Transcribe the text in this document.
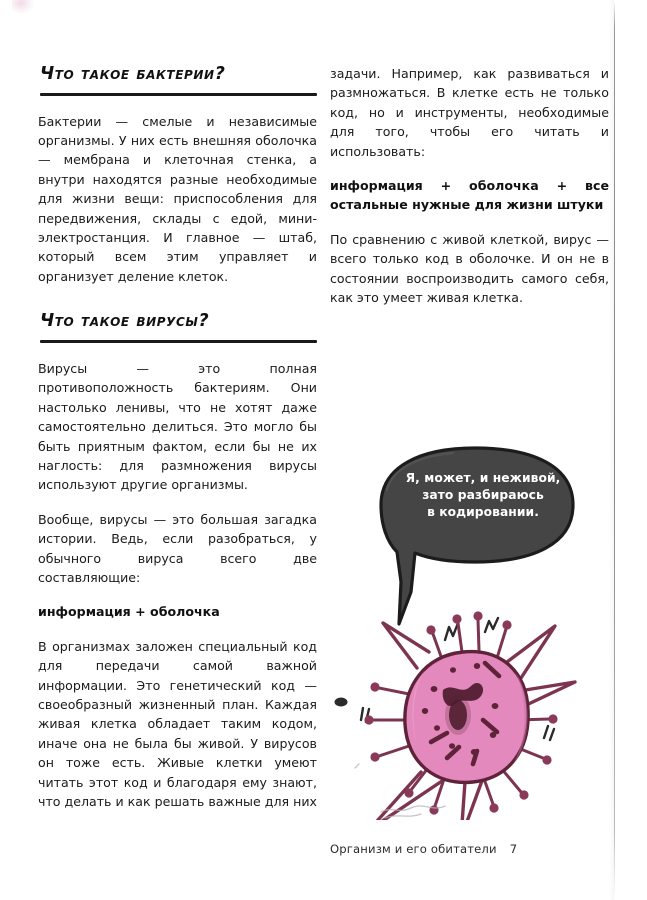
Что такое бактерии?

Бактерии — смелые и независимые организмы. У них есть внешняя оболочка — мембрана и клеточная стенка, а внутри находятся разные необходимые для жизни вещи: приспособления для передвижения, склады с едой, мини-электростанция. И главное — штаб, который всем этим управляет и организует деление клеток.

Что такое вирусы?

Вирусы — это полная противоположность бактериям. Они настолько ленивы, что не хотят даже самостоятельно делиться. Это могло бы быть приятным фактом, если бы не их наглость: для размножения вирусы используют другие организмы.

Вообще, вирусы — это большая загадка истории. Ведь, если разобраться, у обычного вируса всего две составляющие:

информация + оболочка

В организмах заложен специальный код для передачи самой важной информации. Это генетический код — своеобразный жизненный план. Каждая живая клетка обладает таким кодом, иначе она не была бы живой. У вирусов он тоже есть. Живые клетки умеют читать этот код и благодаря ему знают, что делать и как решать важные для них

задачи. Например, как развиваться и размножаться. В клетке есть не только код, но и инструменты, необходимые для того, чтобы его читать и использовать:

информация + оболочка + все остальные нужные для жизни штуки

По сравнению с живой клеткой, вирус — всего только код в оболочке. И он не в состоянии воспроизводить самого себя, как это умеет живая клетка.

Я, может, и неживой,
зато разбираюсь
в кодировании.
Организм и его обитатели 7
